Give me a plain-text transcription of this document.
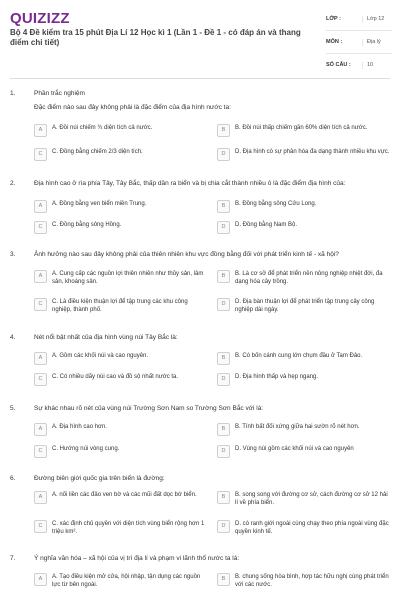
QUIZIZZ
Bộ 4 Đề kiểm tra 15 phút Địa Lí 12 Học kì 1 (Lần 1 - Đề 1 - có đáp án và thang điểm chi tiết)
LỚP :	Lớp 12
MÔN :	Địa lý
SỐ CÂU :	10
1.	Phần trắc nghiệm
Đặc điểm nào sau đây không phải là đặc điểm của địa hình nước ta:
A	A. Đồi núi chiếm ¾ diện tích cả nước.	B	B. Đồi núi thấp chiếm gần 60% diện tích cả nước.
C	C. Đồng bằng chiếm 2/3 diện tích.	D	D. Địa hình có sự phân hóa đa dạng thành nhiều khu vực.
2.	Địa hình cao ở rìa phía Tây, Tây Bắc, thấp dần ra biển và bị chia cắt thành nhiều ô là đặc điểm địa hình của:
A	A. Đồng bằng ven biển miền Trung.	B	B. Đồng bằng sông Cửu Long.
C	C. Đồng bằng sông Hồng.	D	D. Đồng bằng Nam Bộ.
3.	Ảnh hưởng nào sau đây không phải của thiên nhiên khu vực đồng bằng đối với phát triển kinh tế - xã hội?
A	A. Cung cấp các nguồn lợi thiên nhiên như thủy sản, lâm sản, khoáng sản.
B	B. Là cơ sở để phát triển nền nông nghiệp nhiệt đới, đa dạng hóa cây trồng.
C	C. Là điều kiện thuận lợi để tập trung các khu công nghiệp, thành phố.
D	D. Địa bàn thuận lợi để phát triển tập trung cây công nghiệp dài ngày.
4.	Nét nổi bật nhất của địa hình vùng núi Tây Bắc là:
A	A. Gồm các khối núi và cao nguyên.	B	B. Có bốn cánh cung lớn chụm đầu ở Tam Đảo.
C	C. Có nhiều dãy núi cao và đồ sộ nhất nước ta.	D	D. Địa hình thấp và hẹp ngang.
5.	Sự khác nhau rõ nét của vùng núi Trường Sơn Nam so Trường Sơn Bắc với là:
A	A. Địa hình cao hơn.	B	B. Tính bất đối xứng giữa hai sườn rõ nét hơn.
C	C. Hướng núi vòng cung.	D	D. Vùng núi gồm các khối núi và cao nguyên
6.	Đường biên giới quốc gia trên biển là đường:
A	A. nối liền các đảo ven bờ và các mũi đất dọc bờ biển.	B	B. song song với đường cơ sở, cách đường cơ sở 12 hải lí về phía biển.
C	C. xác định chủ quyền với diện tích vùng biển rộng hơn 1 triệu km².
D	D. có ranh giới ngoài cùng chạy theo phía ngoài vùng đặc quyền kinh tế.
7.	Ý nghĩa văn hóa – xã hội của vị trí địa lí và phạm vi lãnh thổ nước ta là:
A	A. Tạo điều kiện mở cửa, hội nhập, tận dụng các nguồn lực từ bên ngoài.
B	B. chung sống hòa bình, hợp tác hữu nghị cùng phát triển với các nước.
